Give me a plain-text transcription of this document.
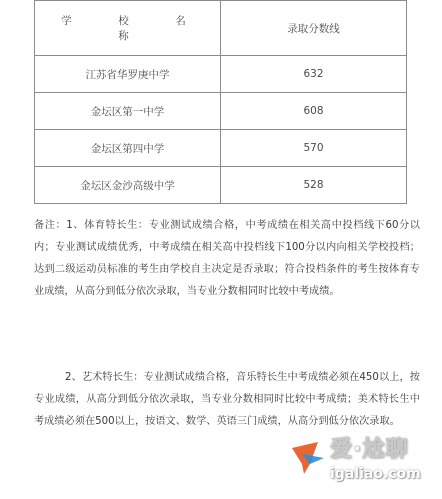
学　校　名　称	录取分数线
江苏省华罗庚中学	632
金坛区第一中学	608
金坛区第四中学	570
金坛区金沙高级中学	528

备注：1、体育特长生：专业测试成绩合格，中考成绩在相关高中投档线下60分以内；专业测试成绩优秀，中考成绩在相关高中投档线下100分以内向相关学校投档；达到二级运动员标准的考生由学校自主决定是否录取；符合投档条件的考生按体育专业成绩，从高分到低分依次录取，当专业分数相同时比较中考成绩。

2、艺术特长生：专业测试成绩合格，音乐特长生中考成绩必须在450以上，按专业成绩，从高分到低分依次录取，当专业分数相同时比较中考成绩；美术特长生中考成绩必须在500以上，按语文、数学、英语三门成绩，从高分到低分依次录取。

爱·尬聊
igaliao.com
